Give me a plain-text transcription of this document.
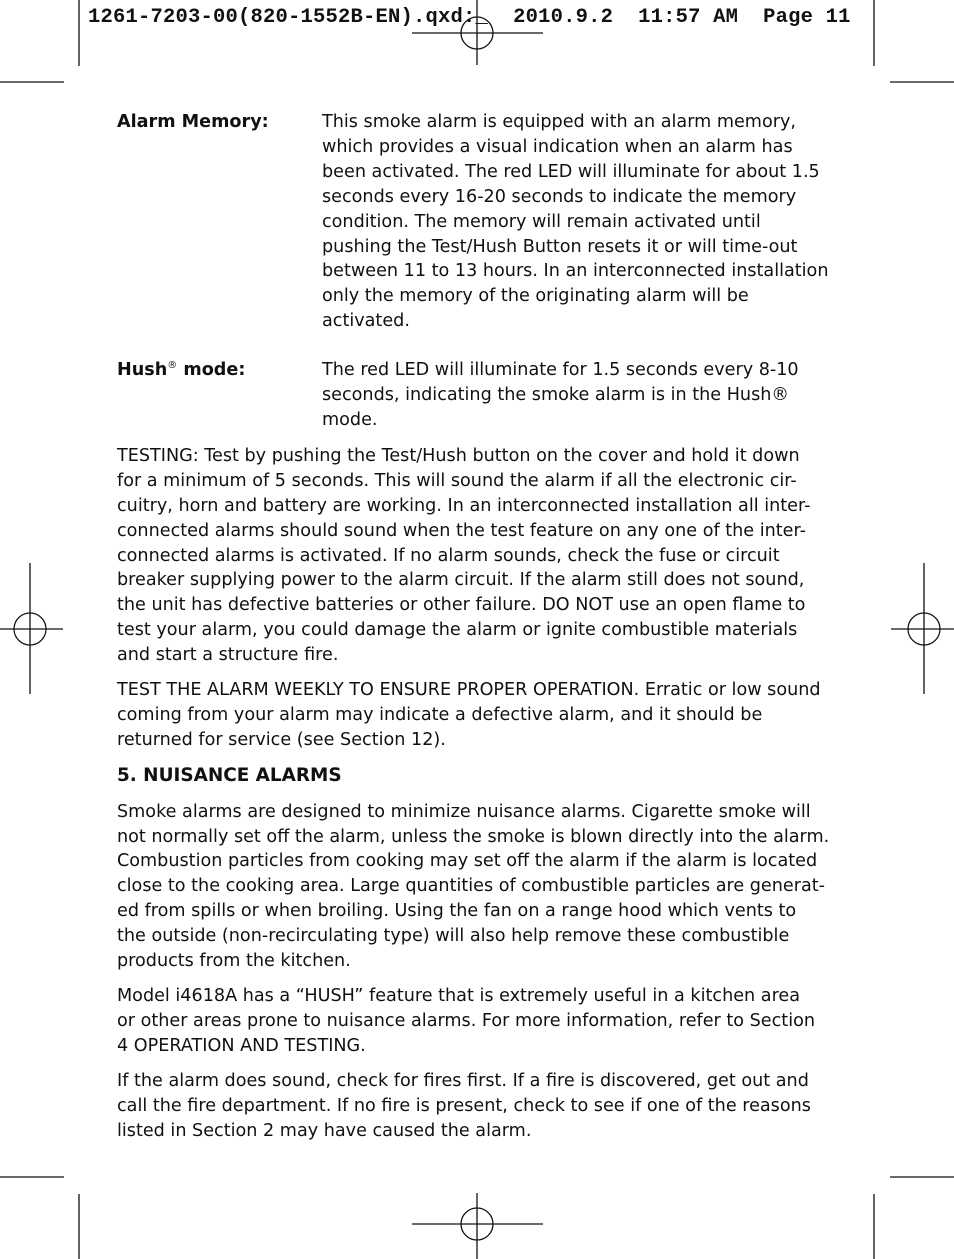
1261-7203-00(820-1552B-EN).qxd:_  2010.9.2  11:57 AM  Page 11
Alarm Memory:	This smoke alarm is equipped with an alarm memory,
which provides a visual indication when an alarm has
been activated. The red LED will illuminate for about 1.5
seconds every 16-20 seconds to indicate the memory
condition. The memory will remain activated until
pushing the Test/Hush Button resets it or will time-out
between 11 to 13 hours. In an interconnected installation
only the memory of the originating alarm will be activated.
Hush® mode:	The red LED will illuminate for 1.5 seconds every 8-10
seconds, indicating the smoke alarm is in the Hush®
mode.

TESTING: Test by pushing the Test/Hush button on the cover and hold it down
for a minimum of 5 seconds. This will sound the alarm if all the electronic cir-
cuitry, horn and battery are working. In an interconnected installation all inter-
connected alarms should sound when the test feature on any one of the inter-
connected alarms is activated. If no alarm sounds, check the fuse or circuit
breaker supplying power to the alarm circuit. If the alarm still does not sound,
the unit has defective batteries or other failure. DO NOT use an open flame to
test your alarm, you could damage the alarm or ignite combustible materials
and start a structure fire.

TEST THE ALARM WEEKLY TO ENSURE PROPER OPERATION. Erratic or low sound
coming from your alarm may indicate a defective alarm, and it should be
returned for service (see Section 12).

5. NUISANCE ALARMS

Smoke alarms are designed to minimize nuisance alarms. Cigarette smoke will
not normally set off the alarm, unless the smoke is blown directly into the alarm.
Combustion particles from cooking may set off the alarm if the alarm is located
close to the cooking area. Large quantities of combustible particles are generat-
ed from spills or when broiling. Using the fan on a range hood which vents to
the outside (non-recirculating type) will also help remove these combustible
products from the kitchen.

Model i4618A has a “HUSH” feature that is extremely useful in a kitchen area
or other areas prone to nuisance alarms. For more information, refer to Section
4 OPERATION AND TESTING.

If the alarm does sound, check for fires first. If a fire is discovered, get out and
call the fire department. If no fire is present, check to see if one of the reasons
listed in Section 2 may have caused the alarm.
